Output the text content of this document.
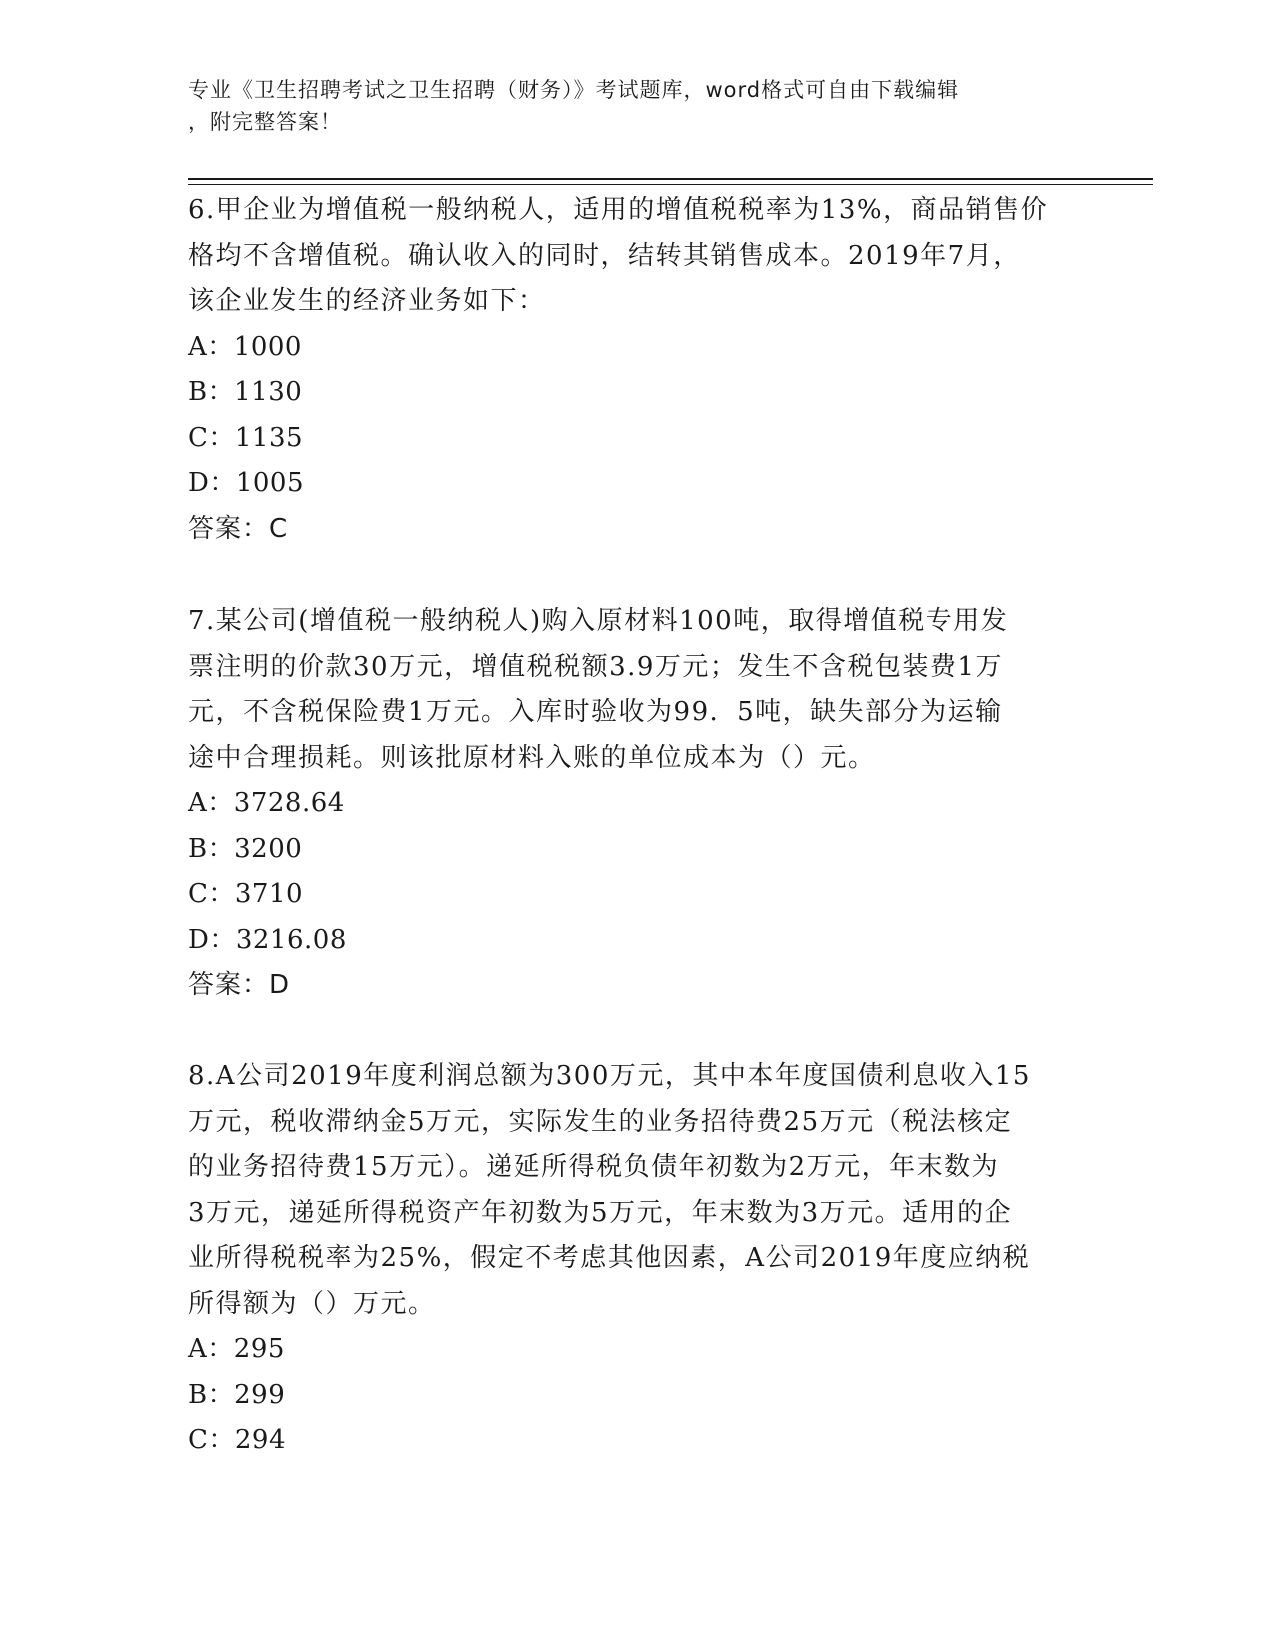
专业《卫生招聘考试之卫生招聘（财务）》考试题库，word格式可自由下载编辑
，附完整答案！

6.甲企业为增值税一般纳税人，适用的增值税税率为13%，商品销售价

格均不含增值税。确认收入的同时，结转其销售成本。2019年7月，

该企业发生的经济业务如下：

A：1000

B：1130

C：1135

D：1005

答案：C

7.某公司(增值税一般纳税人)购入原材料100吨，取得增值税专用发

票注明的价款30万元，增值税税额3.9万元；发生不含税包装费1万

元，不含税保险费1万元。入库时验收为99．5吨，缺失部分为运输

途中合理损耗。则该批原材料入账的单位成本为（）元。

A：3728.64

B：3200

C：3710

D：3216.08

答案：D

8.A公司2019年度利润总额为300万元，其中本年度国债利息收入15

万元，税收滞纳金5万元，实际发生的业务招待费25万元（税法核定

的业务招待费15万元）。递延所得税负债年初数为2万元，年末数为

3万元，递延所得税资产年初数为5万元，年末数为3万元。适用的企

业所得税税率为25%，假定不考虑其他因素，A公司2019年度应纳税

所得额为（）万元。

A：295

B：299

C：294
